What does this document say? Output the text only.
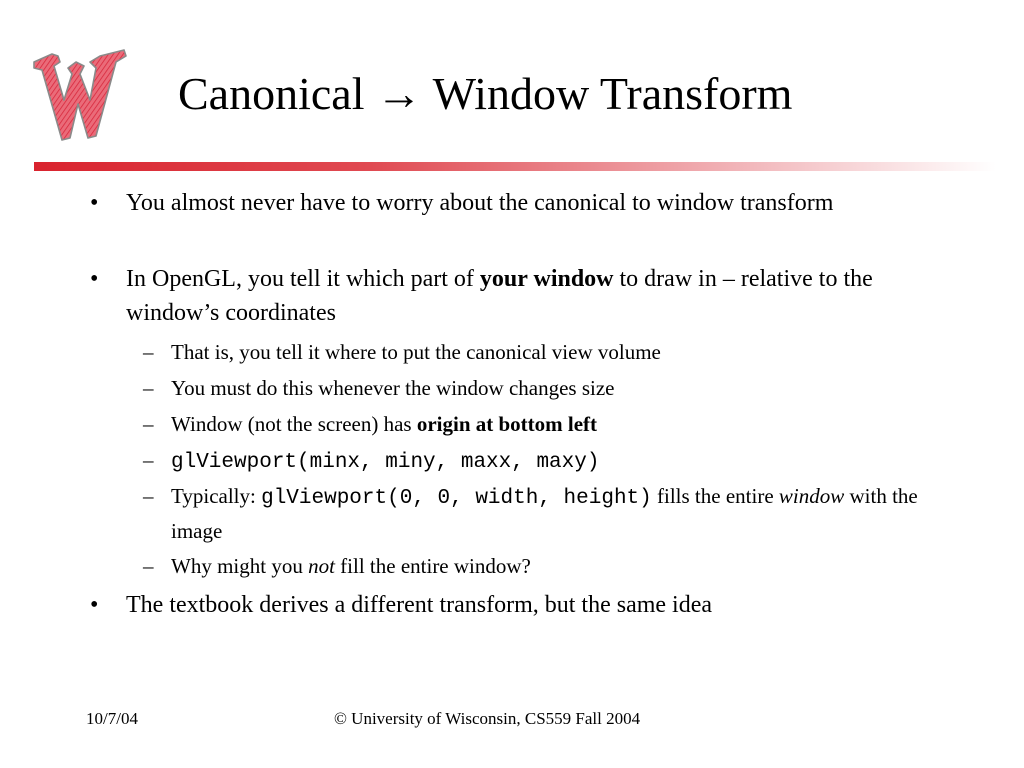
Canonical → Window Transform
• You almost never have to worry about the canonical to window transform
• In OpenGL, you tell it which part of your window to draw in – relative to the window’s coordinates
– That is, you tell it where to put the canonical view volume
– You must do this whenever the window changes size
– Window (not the screen) has origin at bottom left
– glViewport(minx, miny, maxx, maxy)
– Typically: glViewport(0, 0, width, height) fills the entire window with the image
– Why might you not fill the entire window?
• The textbook derives a different transform, but the same idea
10/7/04	© University of Wisconsin, CS559 Fall 2004
